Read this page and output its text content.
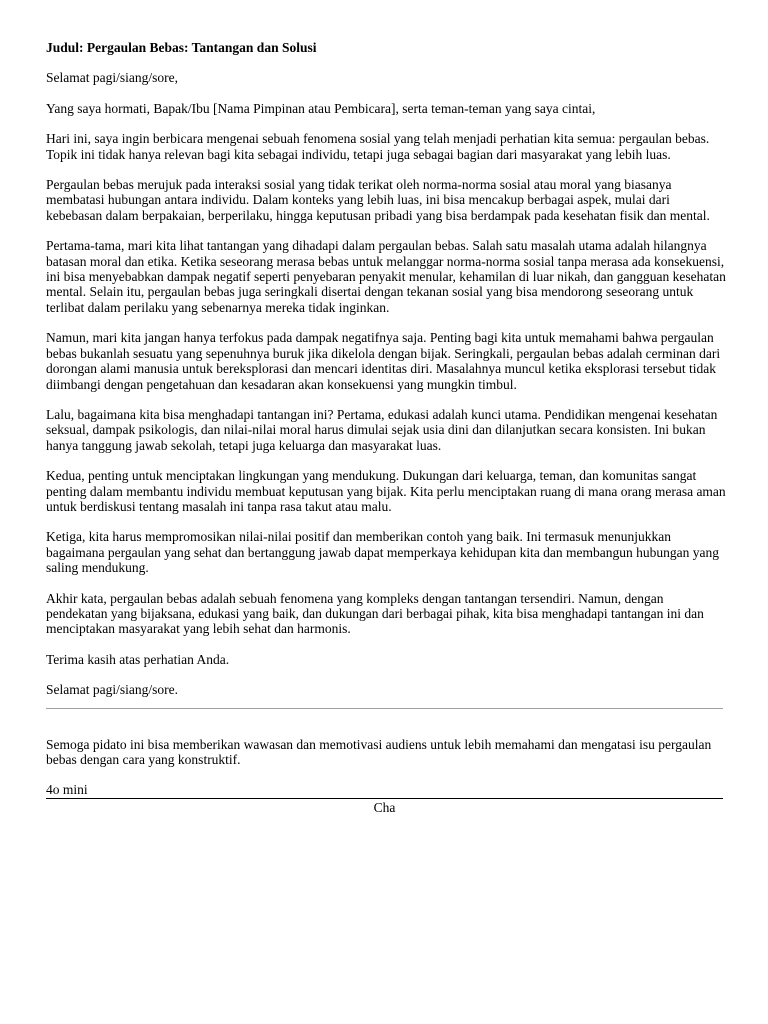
Judul: Pergaulan Bebas: Tantangan dan Solusi

Selamat pagi/siang/sore,

Yang saya hormati, Bapak/Ibu [Nama Pimpinan atau Pembicara], serta teman-teman yang saya cintai,

Hari ini, saya ingin berbicara mengenai sebuah fenomena sosial yang telah menjadi perhatian kita semua: pergaulan bebas. Topik ini tidak hanya relevan bagi kita sebagai individu, tetapi juga sebagai bagian dari masyarakat yang lebih luas.

Pergaulan bebas merujuk pada interaksi sosial yang tidak terikat oleh norma-norma sosial atau moral yang biasanya membatasi hubungan antara individu. Dalam konteks yang lebih luas, ini bisa mencakup berbagai aspek, mulai dari kebebasan dalam berpakaian, berperilaku, hingga keputusan pribadi yang bisa berdampak pada kesehatan fisik dan mental.

Pertama-tama, mari kita lihat tantangan yang dihadapi dalam pergaulan bebas. Salah satu masalah utama adalah hilangnya batasan moral dan etika. Ketika seseorang merasa bebas untuk melanggar norma-norma sosial tanpa merasa ada konsekuensi, ini bisa menyebabkan dampak negatif seperti penyebaran penyakit menular, kehamilan di luar nikah, dan gangguan kesehatan mental. Selain itu, pergaulan bebas juga seringkali disertai dengan tekanan sosial yang bisa mendorong seseorang untuk terlibat dalam perilaku yang sebenarnya mereka tidak inginkan.

Namun, mari kita jangan hanya terfokus pada dampak negatifnya saja. Penting bagi kita untuk memahami bahwa pergaulan bebas bukanlah sesuatu yang sepenuhnya buruk jika dikelola dengan bijak. Seringkali, pergaulan bebas adalah cerminan dari dorongan alami manusia untuk bereksplorasi dan mencari identitas diri. Masalahnya muncul ketika eksplorasi tersebut tidak diimbangi dengan pengetahuan dan kesadaran akan konsekuensi yang mungkin timbul.

Lalu, bagaimana kita bisa menghadapi tantangan ini? Pertama, edukasi adalah kunci utama. Pendidikan mengenai kesehatan seksual, dampak psikologis, dan nilai-nilai moral harus dimulai sejak usia dini dan dilanjutkan secara konsisten. Ini bukan hanya tanggung jawab sekolah, tetapi juga keluarga dan masyarakat luas.

Kedua, penting untuk menciptakan lingkungan yang mendukung. Dukungan dari keluarga, teman, dan komunitas sangat penting dalam membantu individu membuat keputusan yang bijak. Kita perlu menciptakan ruang di mana orang merasa aman untuk berdiskusi tentang masalah ini tanpa rasa takut atau malu.

Ketiga, kita harus mempromosikan nilai-nilai positif dan memberikan contoh yang baik. Ini termasuk menunjukkan bagaimana pergaulan yang sehat dan bertanggung jawab dapat memperkaya kehidupan kita dan membangun hubungan yang saling mendukung.

Akhir kata, pergaulan bebas adalah sebuah fenomena yang kompleks dengan tantangan tersendiri. Namun, dengan pendekatan yang bijaksana, edukasi yang baik, dan dukungan dari berbagai pihak, kita bisa menghadapi tantangan ini dan menciptakan masyarakat yang lebih sehat dan harmonis.

Terima kasih atas perhatian Anda.

Selamat pagi/siang/sore.

Semoga pidato ini bisa memberikan wawasan dan memotivasi audiens untuk lebih memahami dan mengatasi isu pergaulan bebas dengan cara yang konstruktif.

4o mini
Cha
